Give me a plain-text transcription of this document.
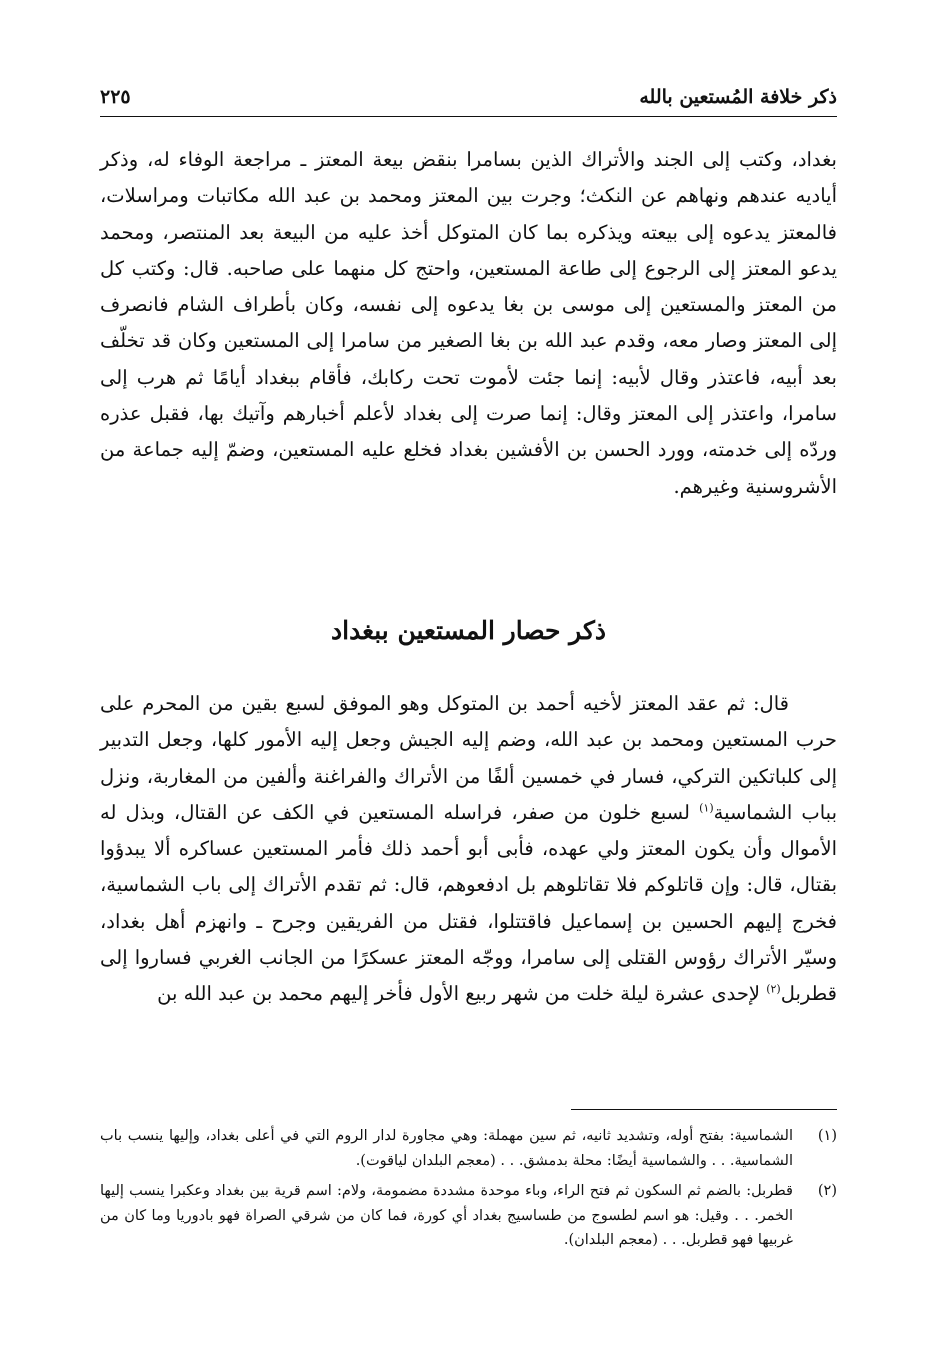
ذكر خلافة المُستعين بالله
٢٢٥
بغداد، وكتب إلى الجند والأتراك الذين بسامرا بنقض بيعة المعتز ـ مراجعة الوفاء له، وذكر أياديه عندهم ونهاهم عن النكث؛ وجرت بين المعتز ومحمد بن عبد الله مكاتبات ومراسلات، فالمعتز يدعوه إلى بيعته ويذكره بما كان المتوكل أخذ عليه من البيعة بعد المنتصر، ومحمد يدعو المعتز إلى الرجوع إلى طاعة المستعين، واحتج كل منهما على صاحبه. قال: وكتب كل من المعتز والمستعين إلى موسى بن بغا يدعوه إلى نفسه، وكان بأطراف الشام فانصرف إلى المعتز وصار معه، وقدم عبد الله بن بغا الصغير من سامرا إلى المستعين وكان قد تخلّف بعد أبيه، فاعتذر وقال لأبيه: إنما جئت لأموت تحت ركابك، فأقام ببغداد أيامًا ثم هرب إلى سامرا، واعتذر إلى المعتز وقال: إنما صرت إلى بغداد لأعلم أخبارهم وآتيك بها، فقبل عذره وردّه إلى خدمته، وورد الحسن بن الأفشين بغداد فخلع عليه المستعين، وضمّ إليه جماعة من الأشروسنية وغيرهم.
ذكر حصار المستعين ببغداد
قال: ثم عقد المعتز لأخيه أحمد بن المتوكل وهو الموفق لسبع بقين من المحرم على حرب المستعين ومحمد بن عبد الله، وضم إليه الجيش وجعل إليه الأمور كلها، وجعل التدبير إلى كلباتكين التركي، فسار في خمسين ألفًا من الأتراك والفراغنة وألفين من المغاربة، ونزل بباب الشماسية$^{(١)}$ لسبع خلون من صفر، فراسله المستعين في الكف عن القتال، وبذل له الأموال وأن يكون المعتز ولي عهده، فأبى أبو أحمد ذلك فأمر المستعين عساكره ألا يبدؤوا بقتال، قال: وإن قاتلوكم فلا تقاتلوهم بل ادفعوهم، قال: ثم تقدم الأتراك إلى باب الشماسية، فخرج إليهم الحسين بن إسماعيل فاقتتلوا، فقتل من الفريقين وجرح ـ وانهزم أهل بغداد، وسيّر الأتراك رؤوس القتلى إلى سامرا، ووجّه المعتز عسكرًا من الجانب الغربي فساروا إلى قطربل$^{(٢)}$ لإحدى عشرة ليلة خلت من شهر ربيع الأول فأخر إليهم محمد بن عبد الله بن
(١)
الشماسية: بفتح أوله، وتشديد ثانيه، ثم سين مهملة: وهي مجاورة لدار الروم التي في أعلى بغداد، وإليها ينسب باب الشماسية. . . والشماسية أيضًا: محلة بدمشق. . . (معجم البلدان لياقوت).
(٢)
قطربل: بالضم ثم السكون ثم فتح الراء، وباء موحدة مشددة مضمومة، ولام: اسم قرية بين بغداد وعكبرا ينسب إليها الخمر. . . وقيل: هو اسم لطسوج من طساسيج بغداد أي كورة، فما كان من شرقي الصراة فهو بادوريا وما كان من غربيها فهو قطربل. . . (معجم البلدان).
